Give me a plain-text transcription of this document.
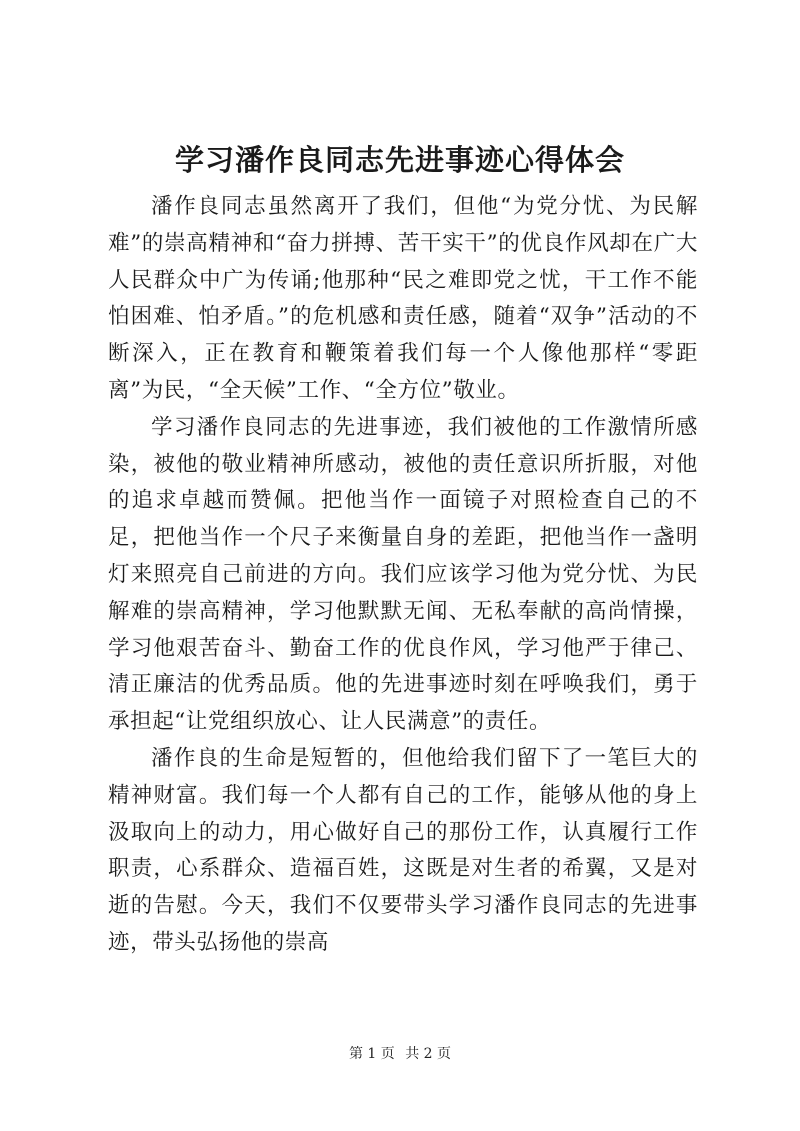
学习潘作良同志先进事迹心得体会

潘作良同志虽然离开了我们，但他“为党分忧、为民解难”的崇高精神和“奋力拼搏、苦干实干”的优良作风却在广大人民群众中广为传诵;他那种“民之难即党之忧，干工作不能怕困难、怕矛盾。”的危机感和责任感，随着“双争”活动的不断深入，正在教育和鞭策着我们每一个人像他那样“零距离”为民，“全天候”工作、“全方位”敬业。

学习潘作良同志的先进事迹，我们被他的工作激情所感染，被他的敬业精神所感动，被他的责任意识所折服，对他的追求卓越而赞佩。把他当作一面镜子对照检查自己的不足，把他当作一个尺子来衡量自身的差距，把他当作一盏明灯来照亮自己前进的方向。我们应该学习他为党分忧、为民解难的崇高精神，学习他默默无闻、无私奉献的高尚情操，学习他艰苦奋斗、勤奋工作的优良作风，学习他严于律己、清正廉洁的优秀品质。他的先进事迹时刻在呼唤我们，勇于承担起“让党组织放心、让人民满意”的责任。

潘作良的生命是短暂的，但他给我们留下了一笔巨大的精神财富。我们每一个人都有自己的工作，能够从他的身上汲取向上的动力，用心做好自己的那份工作，认真履行工作职责，心系群众、造福百姓，这既是对生者的希翼，又是对逝的告慰。今天，我们不仅要带头学习潘作良同志的先进事迹，带头弘扬他的崇高

第 1 页 共 2 页
